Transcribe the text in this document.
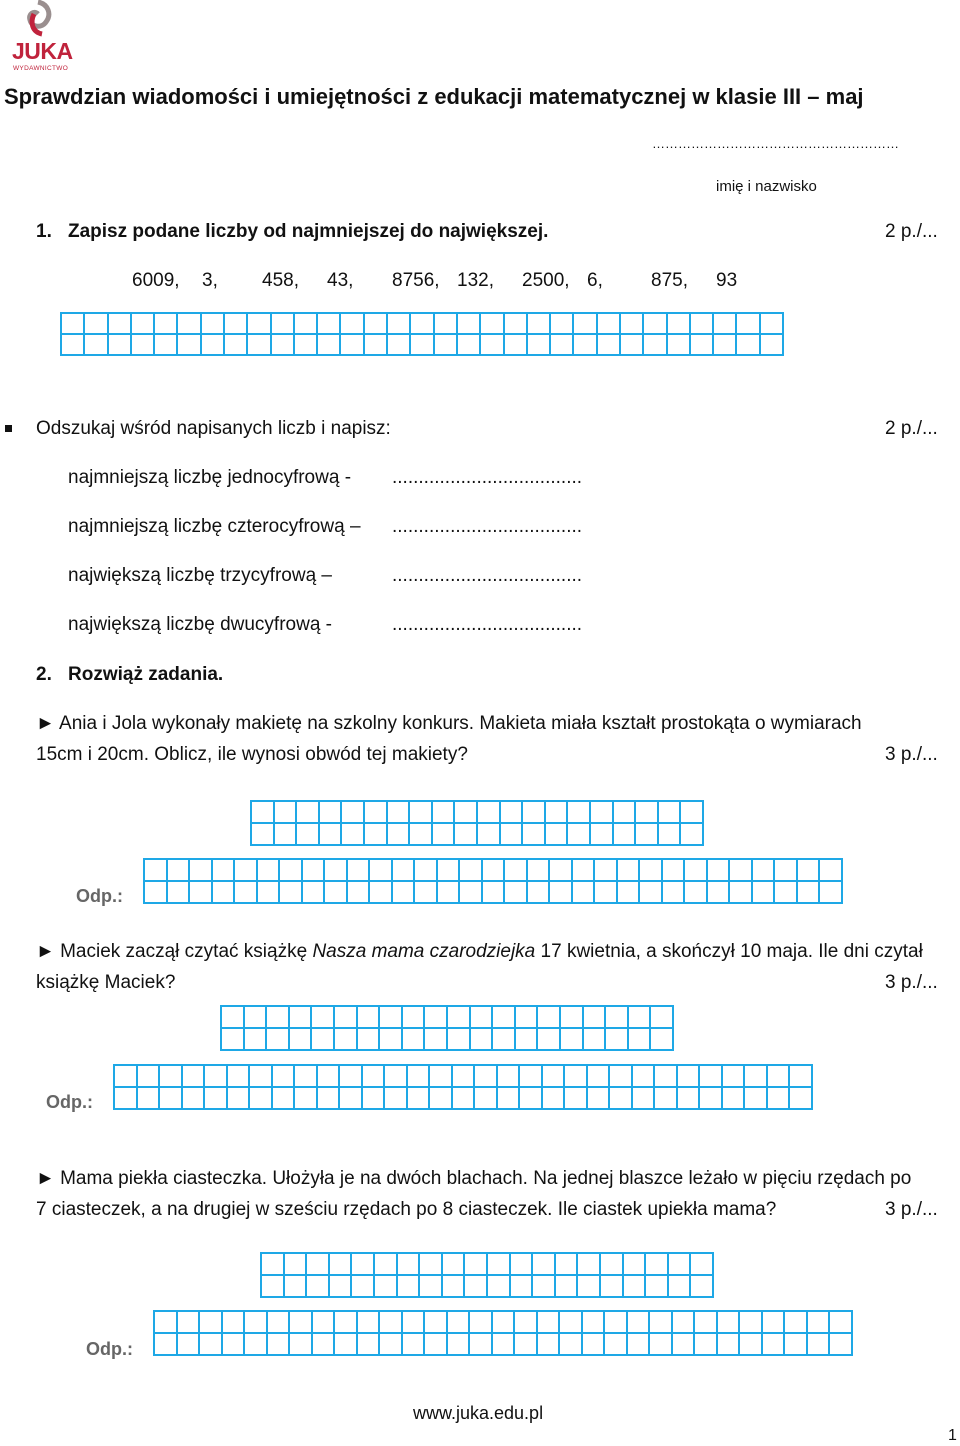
JUKA
WYDAWNICTWO
Sprawdzian wiadomości i umiejętności z edukacji matematycznej w klasie III – maj
…………………………………………………
imię i nazwisko
1. Zapisz podane liczby od najmniejszej do największej.	2 p./...
6009, 3, 458, 43, 8756, 132, 2500, 6,	875, 93
Odszukaj wśród napisanych liczb i napisz:	2 p./...
najmniejszą liczbę jednocyfrową - ....................................
najmniejszą liczbę czterocyfrową – ....................................
największą liczbę trzycyfrową –	....................................
największą liczbę dwucyfrową -	....................................
2. Rozwiąż zadania.
► Ania i Jola wykonały makietę na szkolny konkurs. Makieta miała kształt prostokąta o wymiarach
15cm i 20cm. Oblicz, ile wynosi obwód tej makiety?	3 p./...
Odp.:
► Maciek zaczął czytać książkę Nasza mama czarodziejka 17 kwietnia, a skończył 10 maja. Ile dni czytał
książkę Maciek?	3 p./...
Odp.:
► Mama piekła ciasteczka. Ułożyła je na dwóch blachach. Na jednej blaszce leżało w pięciu rzędach po
7 ciasteczek, a na drugiej w sześciu rzędach po 8 ciasteczek. Ile ciastek upiekła mama?	3 p./...
Odp.:
www.juka.edu.pl
1
